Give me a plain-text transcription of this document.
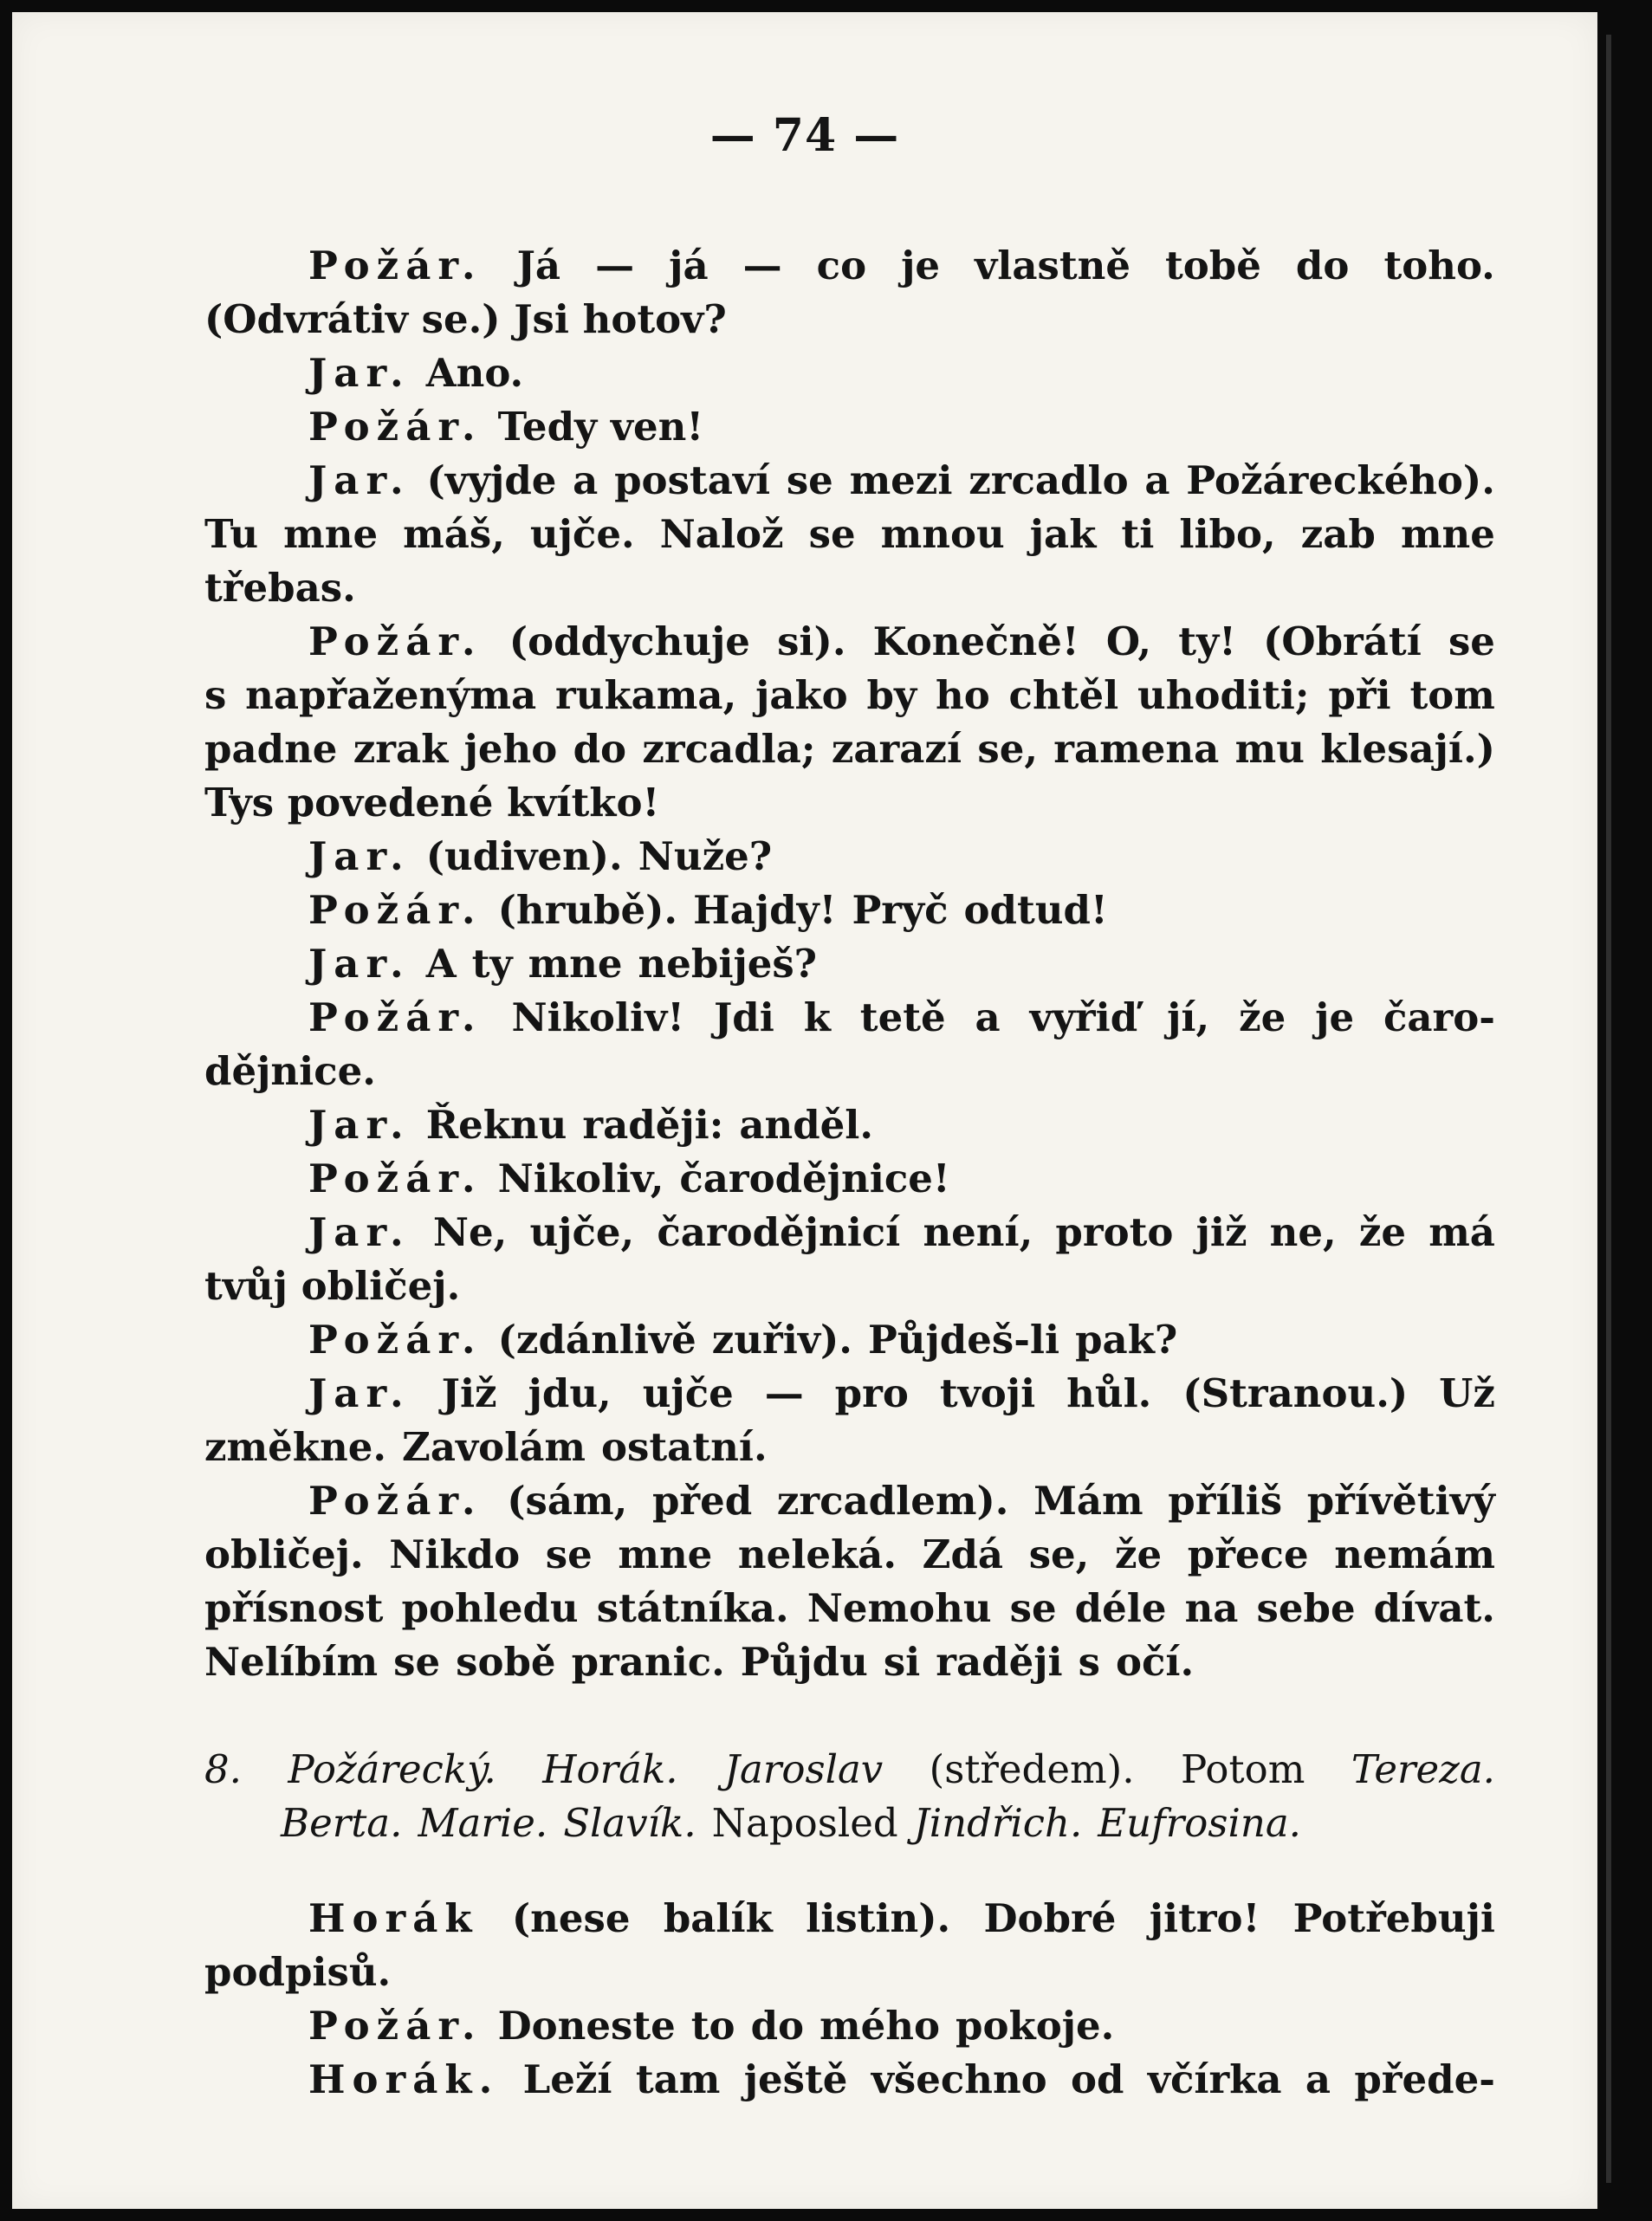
— 74 —
Požár. Já — já — co je vlastně tobě do toho.
(Odvrátiv se.) Jsi hotov?
Jar. Ano.
Požár. Tedy ven!
Jar. (vyjde a postaví se mezi zrcadlo a Požáreckého).
Tu mne máš, ujče. Nalož se mnou jak ti libo, zab mne
třebas.
Požár. (oddychuje si). Konečně! O, ty! (Obrátí se
s napřaženýma rukama, jako by ho chtěl uhoditi; při tom
padne zrak jeho do zrcadla; zarazí se, ramena mu klesají.)
Tys povedené kvítko!
Jar. (udiven). Nuže?
Požár. (hrubě). Hajdy! Pryč odtud!
Jar. A ty mne nebiješ?
Požár. Nikoliv! Jdi k tetě a vyřiď jí, že je čaro-
dějnice.
Jar. Řeknu raději: anděl.
Požár. Nikoliv, čarodějnice!
Jar. Ne, ujče, čarodějnicí není, proto již ne, že má
tvůj obličej.
Požár. (zdánlivě zuřiv). Půjdeš-li pak?
Jar. Již jdu, ujče — pro tvoji hůl. (Stranou.) Už
změkne. Zavolám ostatní.
Požár. (sám, před zrcadlem). Mám příliš přívětivý
obličej. Nikdo se mne neleká. Zdá se, že přece nemám
přísnost pohledu státníka. Nemohu se déle na sebe dívat.
Nelíbím se sobě pranic. Půjdu si raději s očí.
8. Požárecký. Horák. Jaroslav (středem). Potom Tereza.
Berta. Marie. Slavík. Naposled Jindřich. Eufrosina.
Horák (nese balík listin). Dobré jitro! Potřebuji
podpisů.
Požár. Doneste to do mého pokoje.
Horák. Leží tam ještě všechno od včírka a přede-
